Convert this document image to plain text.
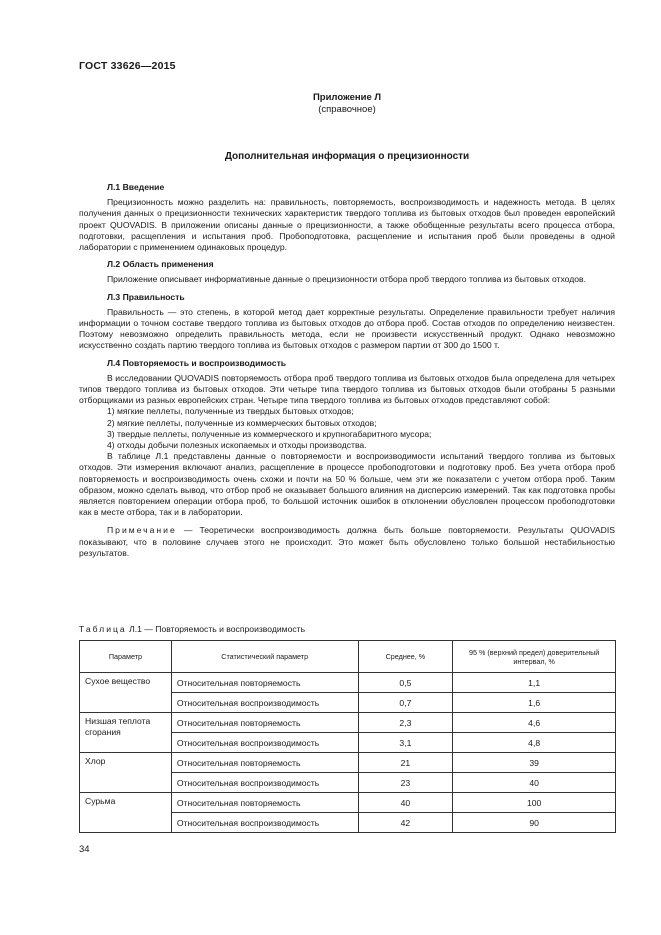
ГОСТ 33626—2015
Приложение Л
(справочное)
Дополнительная информация о прецизионности
Л.1 Введение

Прецизионность можно разделить на: правильность, повторяемость, воспроизводимость и надежность метода. В целях получения данных о прецизионности технических характеристик твердого топлива из бытовых отходов был проведен европейский проект QUOVADIS. В приложении описаны данные о прецизионности, а также обобщенные результаты всего процесса отбора, подготовки, расщепления и испытания проб. Пробоподготовка, расщепление и испытания проб были проведены в одной лаборатории с применением одинаковых процедур.

Л.2 Область применения

Приложение описывает информативные данные о прецизионности отбора проб твердого топлива из бытовых отходов.

Л.3 Правильность

Правильность — это степень, в которой метод дает корректные результаты. Определение правильности требует наличия информации о точном составе твердого топлива из бытовых отходов до отбора проб. Состав отходов по определению неизвестен. Поэтому невозможно определить правильность метода, если не произвести искусственный продукт. Однако невозможно искусственно создать партию твердого топлива из бытовых отходов с размером партии от 300 до 1500 т.

Л.4 Повторяемость и воспроизводимость

В исследовании QUOVADIS повторяемость отбора проб твердого топлива из бытовых отходов была определена для четырех типов твердого топлива из бытовых отходов. Эти четыре типа твердого топлива из бытовых отходов были отобраны 5 разными отборщиками из разных европейских стран. Четыре типа твердого топлива из бытовых отходов представляют собой:

1) мягкие пеллеты, полученные из твердых бытовых отходов;
2) мягкие пеллеты, полученные из коммерческих бытовых отходов;
3) твердые пеллеты, полученные из коммерческого и крупногабаритного мусора;
4) отходы добычи полезных ископаемых и отходы производства.

В таблице Л.1 представлены данные о повторяемости и воспроизводимости испытаний твердого топлива из бытовых отходов. Эти измерения включают анализ, расщепление в процессе пробоподготовки и подготовку проб. Без учета отбора проб повторяемость и воспроизводимость очень схожи и почти на 50 % больше, чем эти же показатели с учетом отбора проб. Таким образом, можно сделать вывод, что отбор проб не оказывает большого влияния на дисперсию измерений. Так как подготовка пробы является повторением операции отбора проб, то большой источник ошибок в отклонении обусловлен процессом пробоподготовки как в месте отбора, так и в лаборатории.

Примечание — Теоретически воспроизводимость должна быть больше повторяемости. Результаты QUOVADIS показывают, что в половине случаев этого не происходит. Это может быть обусловлено только большой нестабильностью результатов.

Таблица Л.1 — Повторяемость и воспроизводимость
Параметр	Статистический параметр	Среднее, %	95 % (верхний предел) доверительный интервал, %
Сухое вещество	Относительная повторяемость	0,5	1,1
	Относительная воспроизводимость	0,7	1,6
Низшая теплота сгорания	Относительная повторяемость	2,3	4,6
	Относительная воспроизводимость	3,1	4,8
Хлор	Относительная повторяемость	21	39
	Относительная воспроизводимость	23	40
Сурьма	Относительная повторяемость	40	100
	Относительная воспроизводимость	42	90
34
